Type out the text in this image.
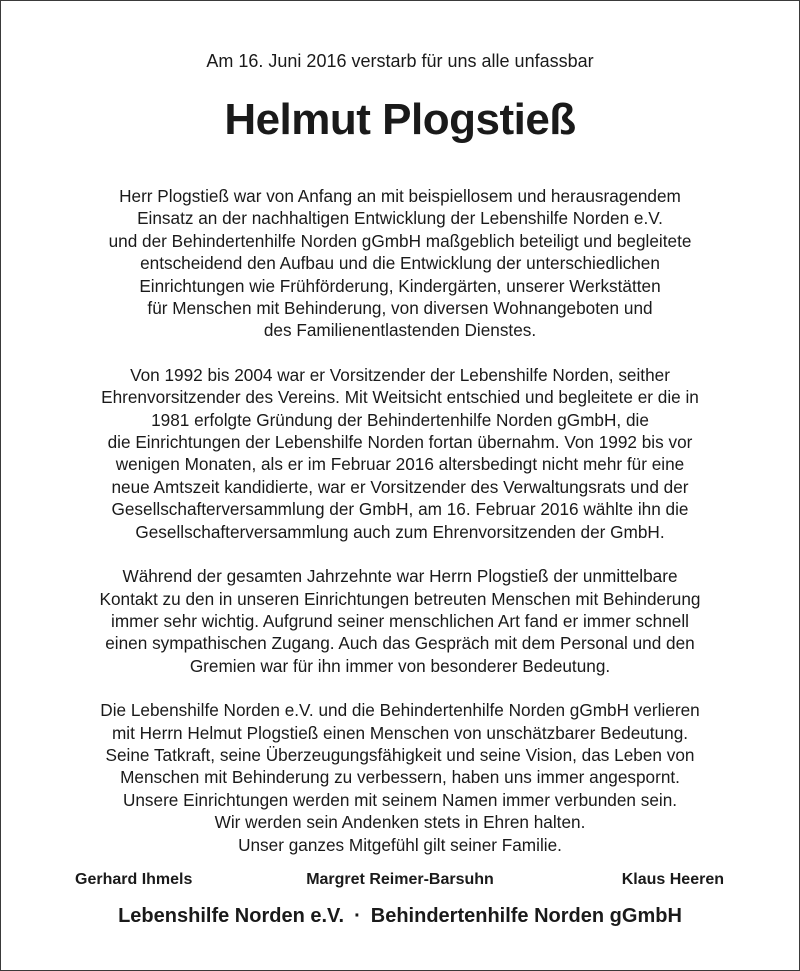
Am 16. Juni 2016 verstarb für uns alle unfassbar
Helmut Plogstieß

Herr Plogstieß war von Anfang an mit beispiellosem und herausragendem
Einsatz an der nachhaltigen Entwicklung der Lebenshilfe Norden e.V.
und der Behindertenhilfe Norden gGmbH maßgeblich beteiligt und begleitete
entscheidend den Aufbau und die Entwicklung der unterschiedlichen
Einrichtungen wie Frühförderung, Kindergärten, unserer Werkstätten
für Menschen mit Behinderung, von diversen Wohnangeboten und
des Familienentlastenden Dienstes.

Von 1992 bis 2004 war er Vorsitzender der Lebenshilfe Norden, seither
Ehrenvorsitzender des Vereins. Mit Weitsicht entschied und begleitete er die in
1981 erfolgte Gründung der Behindertenhilfe Norden gGmbH, die
die Einrichtungen der Lebenshilfe Norden fortan übernahm. Von 1992 bis vor
wenigen Monaten, als er im Februar 2016 altersbedingt nicht mehr für eine
neue Amtszeit kandidierte, war er Vorsitzender des Verwaltungsrats und der
Gesellschafterversammlung der GmbH, am 16. Februar 2016 wählte ihn die
Gesellschafterversammlung auch zum Ehrenvorsitzenden der GmbH.

Während der gesamten Jahrzehnte war Herrn Plogstieß der unmittelbare
Kontakt zu den in unseren Einrichtungen betreuten Menschen mit Behinderung
immer sehr wichtig. Aufgrund seiner menschlichen Art fand er immer schnell
einen sympathischen Zugang. Auch das Gespräch mit dem Personal und den
Gremien war für ihn immer von besonderer Bedeutung.

Die Lebenshilfe Norden e.V. und die Behindertenhilfe Norden gGmbH verlieren
mit Herrn Helmut Plogstieß einen Menschen von unschätzbarer Bedeutung.
Seine Tatkraft, seine Überzeugungsfähigkeit und seine Vision, das Leben von
Menschen mit Behinderung zu verbessern, haben uns immer angespornt.
Unsere Einrichtungen werden mit seinem Namen immer verbunden sein.
Wir werden sein Andenken stets in Ehren halten.
Unser ganzes Mitgefühl gilt seiner Familie.

Gerhard Ihmels	Margret Reimer-Barsuhn	Klaus Heeren
Lebenshilfe Norden e.V. · Behindertenhilfe Norden gGmbH
